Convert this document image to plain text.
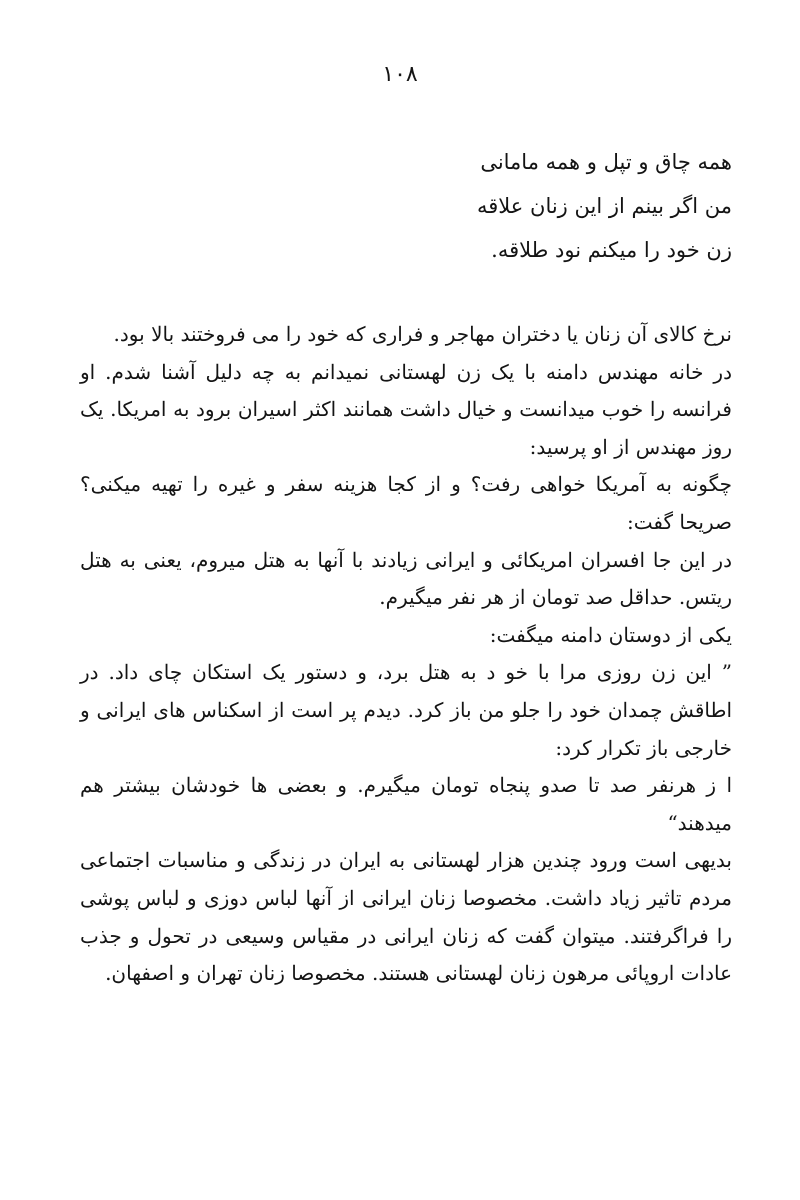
١٠٨
همه چاق و تپل و همه مامانی
من اگر بینم از این زنان علاقه
زن خود را میکنم نود طلاقه.

نرخ کالای آن زنان یا دختران مهاجر و فراری که خود را می فروختند بالا بود.

در خانه مهندس دامنه با یک زن لهستانی نمیدانم به چه دلیل آشنا شدم. او فرانسه را خوب میدانست و خیال داشت همانند اکثر اسیران برود به امریکا. یک روز مهندس از او پرسید:

چگونه به آمریکا خواهی رفت؟ و از کجا هزینه سفر و غیره را تهیه میکنی؟ صریحا گفت:

در این جا افسران امریکائی و ایرانی زیادند با آنها به هتل میروم، یعنی به هتل ریتس. حداقل صد تومان از هر نفر میگیرم.

یکی از دوستان دامنه میگفت:

” این زن روزی مرا با خو د به هتل برد، و دستور یک استکان چای داد. در اطاقش چمدان خود را جلو من باز کرد. دیدم پر است از اسکناس های ایرانی و خارجی باز تکرار کرد:

ا ز هرنفر صد تا صدو پنجاه تومان میگیرم. و بعضی ها خودشان بیشتر هم میدهند“

بدیهی است ورود چندین هزار لهستانی به ایران در زندگی و مناسبات اجتماعی مردم تاثیر زیاد داشت. مخصوصا زنان ایرانی از آنها لباس دوزی و لباس پوشی را فراگرفتند. میتوان گفت که زنان ایرانی در مقیاس وسیعی در تحول و جذب عادات اروپائی مرهون زنان لهستانی هستند. مخصوصا زنان تهران و اصفهان.
